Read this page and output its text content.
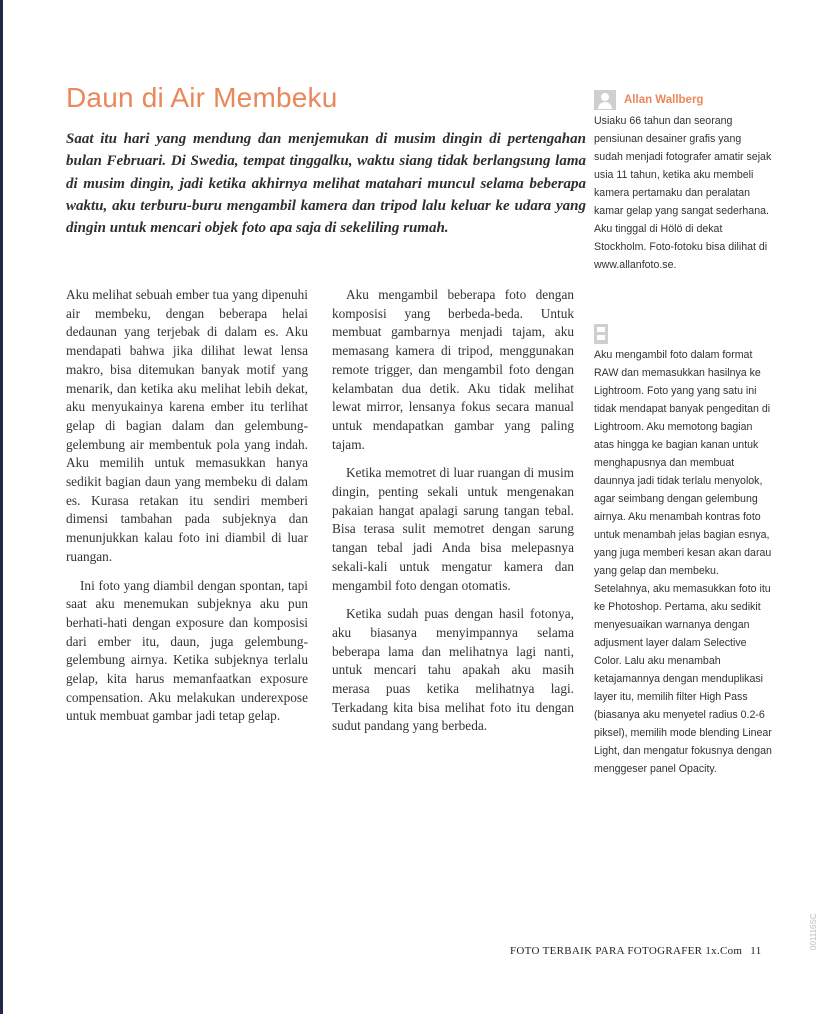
Daun di Air Membeku

Saat itu hari yang mendung dan menjemukan di musim dingin di pertengahan bulan Februari. Di Swedia, tempat tinggalku, waktu siang tidak berlangsung lama di musim dingin, jadi ketika akhirnya melihat matahari muncul selama beberapa waktu, aku terburu-buru mengambil kamera dan tripod lalu keluar ke udara yang dingin untuk mencari objek foto apa saja di sekeliling rumah.

Aku melihat sebuah ember tua yang dipenuhi air membeku, dengan beberapa helai dedaunan yang terjebak di dalam es. Aku mendapati bahwa jika dilihat lewat lensa makro, bisa ditemukan banyak motif yang menarik, dan ketika aku melihat lebih dekat, aku menyukainya karena ember itu terlihat gelap di bagian dalam dan gelembung-gelembung air membentuk pola yang indah. Aku memilih untuk memasukkan hanya sedikit bagian daun yang membeku di dalam es. Kurasa retakan itu sendiri memberi dimensi tambahan pada subjeknya dan menunjukkan kalau foto ini diambil di luar ruangan.

Ini foto yang diambil dengan spontan, tapi saat aku menemukan subjeknya aku pun berhati-hati dengan exposure dan komposisi dari ember itu, daun, juga gelembung-gelembung airnya. Ketika subjeknya terlalu gelap, kita harus memanfaatkan exposure compensation. Aku melakukan underexpose untuk membuat gambar jadi tetap gelap.

Aku mengambil beberapa foto dengan komposisi yang berbeda-beda. Untuk membuat gambarnya menjadi tajam, aku memasang kamera di tripod, menggunakan remote trigger, dan mengambil foto dengan kelambatan dua detik. Aku tidak melihat lewat mirror, lensanya fokus secara manual untuk mendapatkan gambar yang paling tajam.

Ketika memotret di luar ruangan di musim dingin, penting sekali untuk mengenakan pakaian hangat apalagi sarung tangan tebal. Bisa terasa sulit memotret dengan sarung tangan tebal jadi Anda bisa melepasnya sekali-kali untuk mengatur kamera dan mengambil foto dengan otomatis.

Ketika sudah puas dengan hasil fotonya, aku biasanya menyimpannya selama beberapa lama dan melihatnya lagi nanti, untuk mencari tahu apakah aku masih merasa puas ketika melihatnya lagi. Terkadang kita bisa melihat foto itu dengan sudut pandang yang berbeda.

Allan Wallberg

Usiaku 66 tahun dan seorang pensiunan desainer grafis yang sudah menjadi fotografer amatir sejak usia 11 tahun, ketika aku membeli kamera pertamaku dan peralatan kamar gelap yang sangat sederhana. Aku tinggal di Hölö di dekat Stockholm. Foto-fotoku bisa dilihat di www.allanfoto.se.

Aku mengambil foto dalam format RAW dan memasukkan hasilnya ke Lightroom. Foto yang yang satu ini tidak mendapat banyak pengeditan di Lightroom. Aku memotong bagian atas hingga ke bagian kanan untuk menghapusnya dan membuat daunnya jadi tidak terlalu menyolok, agar seimbang dengan gelembung airnya. Aku menambah kontras foto untuk menambah jelas bagian esnya, yang juga memberi kesan akan darau yang gelap dan membeku. Setelahnya, aku memasukkan foto itu ke Photoshop. Pertama, aku sedikit menyesuaikan warnanya dengan adjusment layer dalam Selective Color. Lalu aku menambah ketajamannya dengan menduplikasi layer itu, memilih filter High Pass (biasanya aku menyetel radius 0.2-6 piksel), memilih mode blending Linear Light, dan mengatur fokusnya dengan menggeser panel Opacity.

FOTO TERBAIK PARA FOTOGRAFER 1x.Com 11
001116SC
